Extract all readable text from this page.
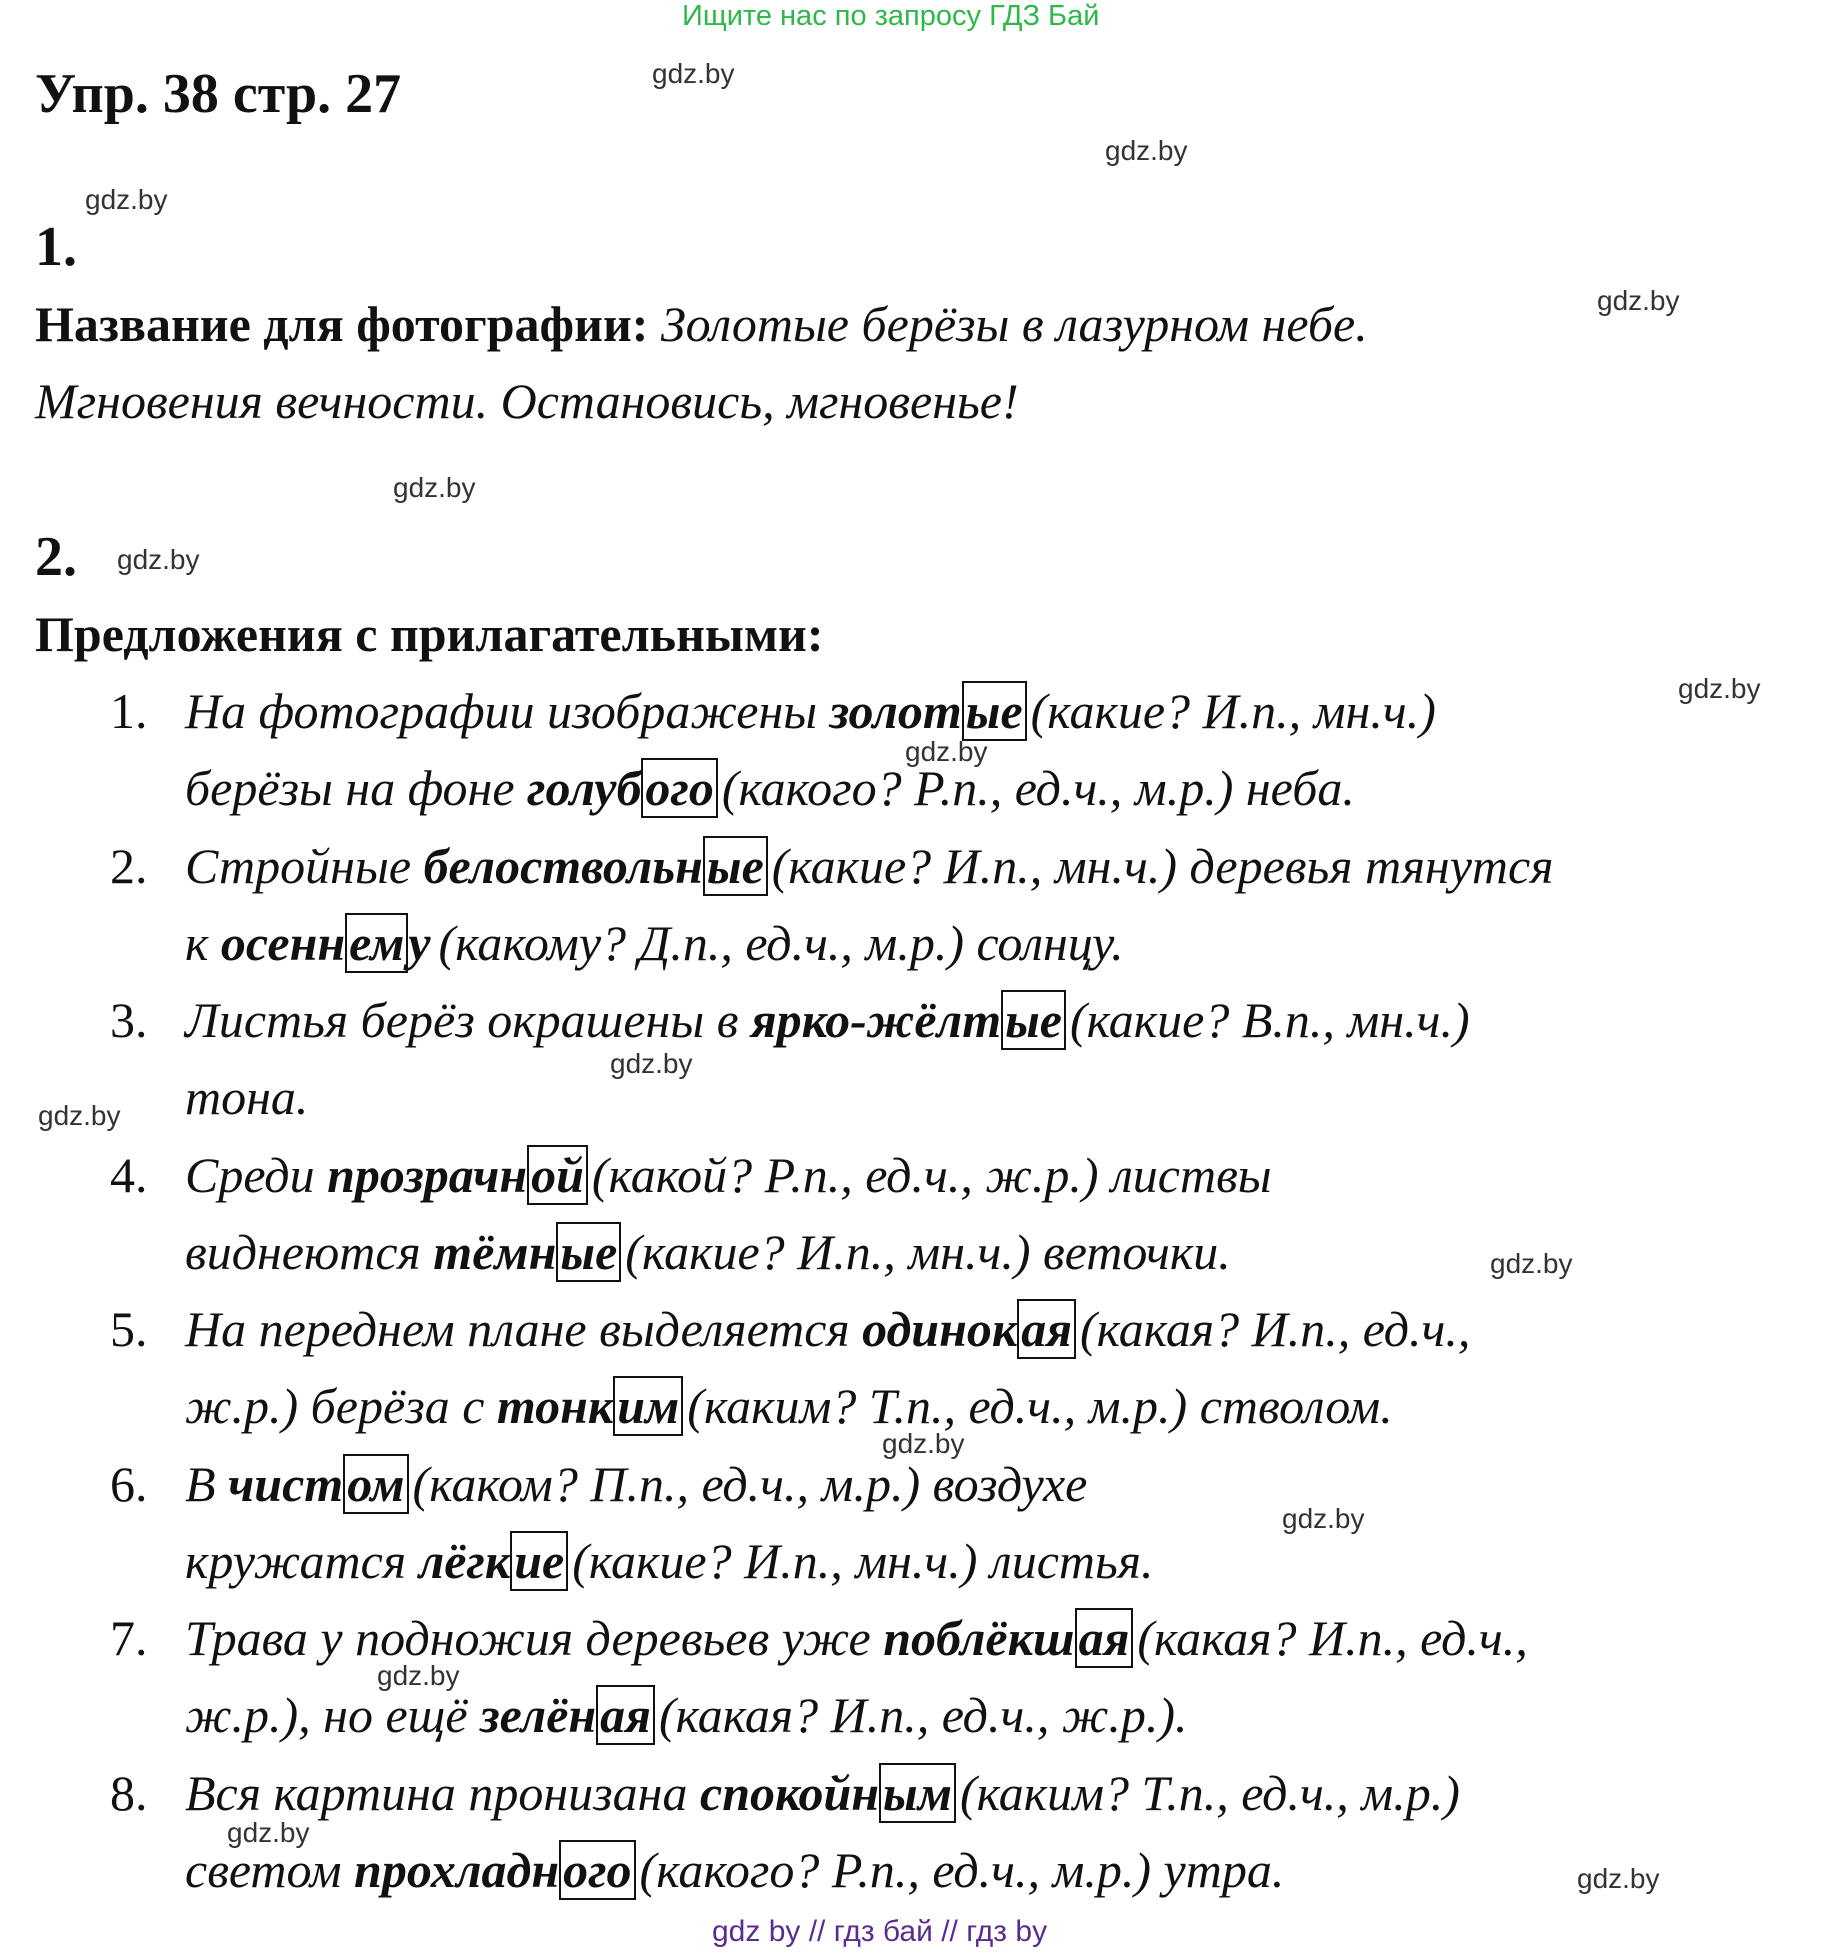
Ищите нас по запросу ГДЗ Бай
Упр. 38 стр. 27	gdz.by
gdz.by
gdz.by
gdz.by
gdz.by
gdz.by
gdz.by
gdz.by
gdz.by
gdz.by
gdz.by
gdz.by
gdz.by
gdz.by
gdz.by
gdz.by
1.
Название для фотографии: Золотые берёзы в лазурном небе.
Мгновения вечности. Остановись, мгновенье!
2.
Предложения с прилагательными:
1. На фотографии изображены золотые (какие? И.п., мн.ч.)
берёзы на фоне голубого (какого? Р.п., ед.ч., м.р.) неба.
2. Стройные белоствольные (какие? И.п., мн.ч.) деревья тянутся
к осеннему (какому? Д.п., ед.ч., м.р.) солнцу.
3. Листья берёз окрашены в ярко-жёлтые (какие? В.п., мн.ч.)
тона.
4. Среди прозрачной (какой? Р.п., ед.ч., ж.р.) листвы
виднеются тёмные (какие? И.п., мн.ч.) веточки.
5. На переднем плане выделяется одинокая (какая? И.п., ед.ч.,
ж.р.) берёза с тонким (каким? Т.п., ед.ч., м.р.) стволом.
6. В чистом (каком? П.п., ед.ч., м.р.) воздухе
кружатся лёгкие (какие? И.п., мн.ч.) листья.
7. Трава у подножия деревьев уже поблёкшая (какая? И.п., ед.ч.,
ж.р.), но ещё зелёная (какая? И.п., ед.ч., ж.р.).
8. Вся картина пронизана спокойным (каким? Т.п., ед.ч., м.р.)
светом прохладного (какого? Р.п., ед.ч., м.р.) утра.
gdz by // гдз бай // гдз by
